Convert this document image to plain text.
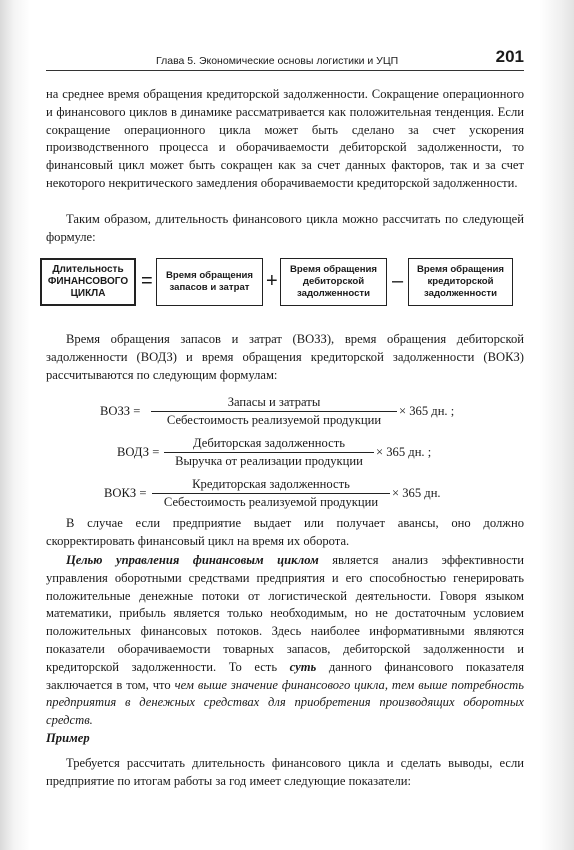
Глава 5. Экономические основы логистики и УЦП	201
на среднее время обращения кредиторской задолженности. Сокращение операционного и финансового циклов в динамике рассматривается как положительная тенденция. Если сокращение операционного цикла может быть сделано за счет ускорения производственного процесса и оборачиваемости дебиторской задолженности, то финансовый цикл может быть сокращен как за счет данных факторов, так и за счет некоторого некритического замедления оборачиваемости кредиторской задолженности.
Таким образом, длительность финансового цикла можно рассчитать по следующей формуле:
Длительность ФИНАНСОВОГО ЦИКЛА
=	Время обращения запасов и затрат +
Время обращения дебиторской задолженности
–
Время обращения кредиторской задолженности
Время обращения запасов и затрат (ВОЗЗ), время обращения дебиторской задолженности (ВОДЗ) и время обращения кредиторской задолженности (ВОКЗ) рассчитываются по следующим формулам:
ВОЗЗ =
Запасы и затраты
Себестоимость реализуемой продукции
× 365 дн. ;
ВОДЗ =
Дебиторская задолженность
Выручка от реализации продукции
× 365 дн. ;
ВОКЗ =
Кредиторская задолженность
Себестоимость реализуемой продукции
× 365 дн.
В случае если предприятие выдает или получает авансы, оно должно скорректировать финансовый цикл на время их оборота.
Целью управления финансовым циклом является анализ эффективности управления оборотными средствами предприятия и его способностью генерировать положительные денежные потоки от логистической деятельности. Говоря языком математики, прибыль является только необходимым, но не достаточным условием положительных финансовых потоков. Здесь наиболее информативными являются показатели оборачиваемости товарных запасов, дебиторской задолженности и кредиторской задолженности. То есть суть данного финансового показателя заключается в том, что чем выше значение финансового цикла, тем выше потребность предприятия в денежных средствах для приобретения производящих оборотных средств.
Пример
Требуется рассчитать длительность финансового цикла и сделать выводы, если предприятие по итогам работы за год имеет следующие показатели:
